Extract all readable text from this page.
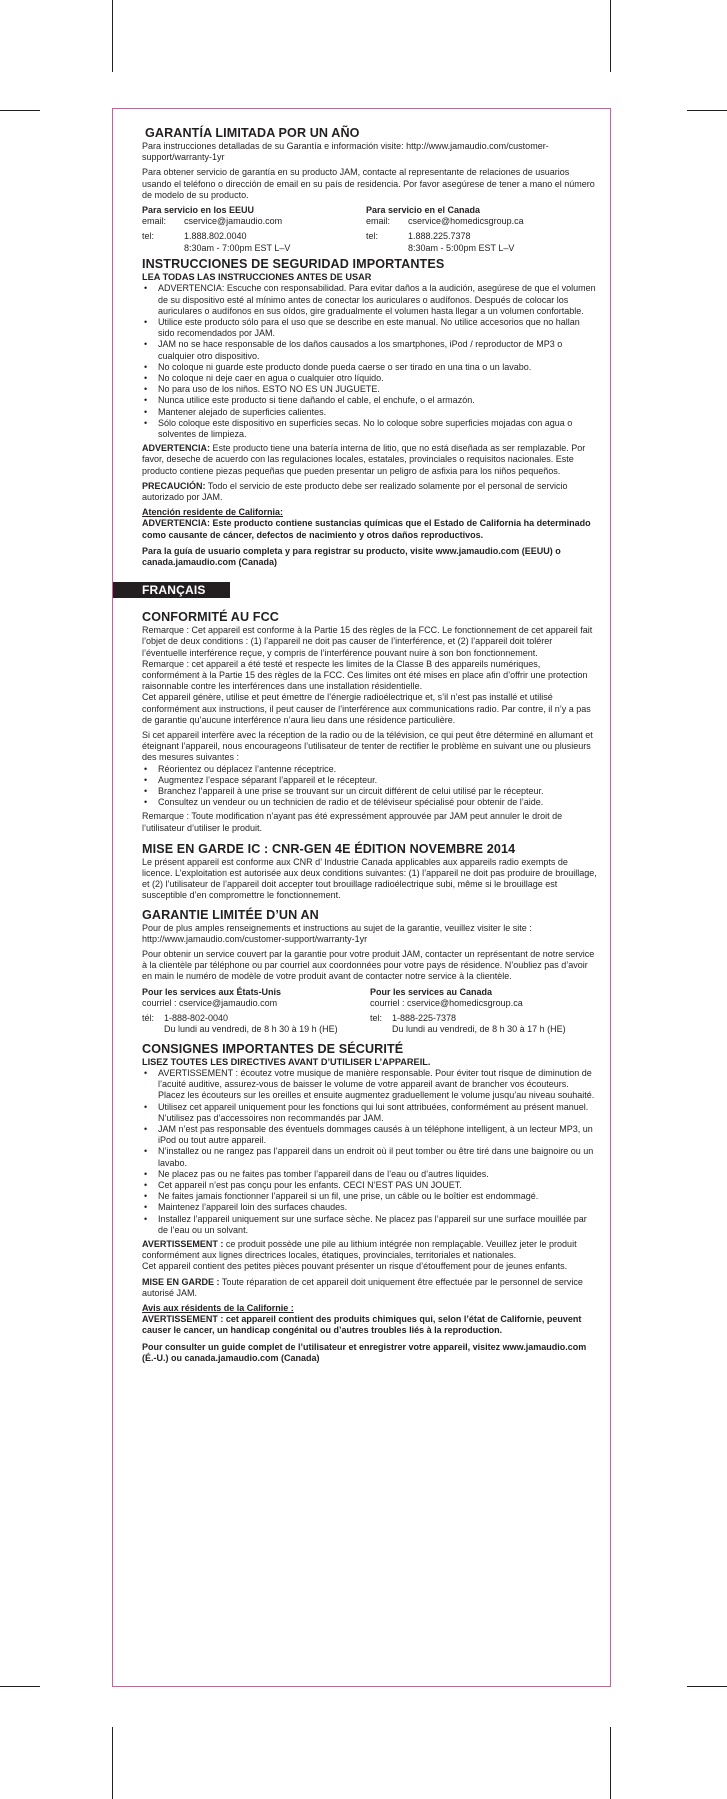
GARANTÍA LIMITADA POR UN AÑO

Para instrucciones detalladas de su Garantía e información visite: http://www.jamaudio.com/customer-support/warranty-1yr

Para obtener servicio de garantía en su producto JAM, contacte al representante de relaciones de usuarios usando el teléfono o dirección de email en su país de residencia. Por favor asegúrese de tener a mano el número de modelo de su producto.

Para servicio en los EEUU
email:	cservice@jamaudio.com
tel:	1.888.802.0040
8:30am - 7:00pm EST L–V
Para servicio en el Canada
email:	cservice@homedicsgroup.ca
tel:	1.888.225.7378
8:30am - 5:00pm EST L–V
INSTRUCCIONES DE SEGURIDAD IMPORTANTES
LEA TODAS LAS INSTRUCCIONES ANTES DE USAR
• ADVERTENCIA: Escuche con responsabilidad. Para evitar daños a la audición, asegúrese de que el volumen de su dispositivo esté al mínimo antes de conectar los auriculares o audífonos. Después de colocar los auriculares o audífonos en sus oídos, gire gradualmente el volumen hasta llegar a un volumen confortable.
• Utilice este producto sólo para el uso que se describe en este manual. No utilice accesorios que no hallan sido recomendados por JAM.
• JAM no se hace responsable de los daños causados a los smartphones, iPod / reproductor de MP3 o cualquier otro dispositivo.
• No coloque ni guarde este producto donde pueda caerse o ser tirado en una tina o un lavabo.
• No coloque ni deje caer en agua o cualquier otro líquido.
• No para uso de los niños. ESTO NO ES UN JUGUETE.
• Nunca utilice este producto si tiene dañando el cable, el enchufe, o el armazón.
• Mantener alejado de superficies calientes.
• Sólo coloque este dispositivo en superficies secas. No lo coloque sobre superficies mojadas con agua o solventes de limpieza.

ADVERTENCIA: Este producto tiene una batería interna de litio, que no está diseñada as ser remplazable. Por favor, deseche de acuerdo con las regulaciones locales, estatales, provinciales o requisitos nacionales. Este producto contiene piezas pequeñas que pueden presentar un peligro de asfixia para los niños pequeños.

PRECAUCIÓN: Todo el servicio de este producto debe ser realizado solamente por el personal de servicio autorizado por JAM.

Atención residente de California:

ADVERTENCIA: Este producto contiene sustancias químicas que el Estado de California ha determinado como causante de cáncer, defectos de nacimiento y otros daños reproductivos.

Para la guía de usuario completa y para registrar su producto, visite www.jamaudio.com (EEUU) o canada.jamaudio.com (Canada)

FRANÇAIS
CONFORMITÉ AU FCC
Remarque : Cet appareil est conforme à la Partie 15 des règles de la FCC. Le fonctionnement de cet appareil fait l’objet de deux conditions : (1) l’appareil ne doit pas causer de l’interférence, et (2) l’appareil doit tolérer l’éventuelle interférence reçue, y compris de l’interférence pouvant nuire à son bon fonctionnement.
Remarque : cet appareil a été testé et respecte les limites de la Classe B des appareils numériques, conformément à la Partie 15 des règles de la FCC. Ces limites ont été mises en place afin d’offrir une protection raisonnable contre les interférences dans une installation résidentielle.

Cet appareil génère, utilise et peut émettre de l’énergie radioélectrique et, s’il n’est pas installé et utilisé conformément aux instructions, il peut causer de l’interférence aux communications radio. Par contre, il n’y a pas de garantie qu’aucune interférence n’aura lieu dans une résidence particulière.

Si cet appareil interfère avec la réception de la radio ou de la télévision, ce qui peut être déterminé en allumant et éteignant l’appareil, nous encourageons l’utilisateur de tenter de rectifier le problème en suivant une ou plusieurs des mesures suivantes :
• Réorientez ou déplacez l’antenne réceptrice.
• Augmentez l’espace séparant l’appareil et le récepteur.
• Branchez l’appareil à une prise se trouvant sur un circuit différent de celui utilisé par le récepteur.
• Consultez un vendeur ou un technicien de radio et de téléviseur spécialisé pour obtenir de l’aide.

Remarque : Toute modification n’ayant pas été expressément approuvée par JAM peut annuler le droit de l’utilisateur d’utiliser le produit.

MISE EN GARDE IC : CNR-GEN 4E ÉDITION NOVEMBRE 2014

Le présent appareil est conforme aux CNR d’ Industrie Canada applicables aux appareils radio exempts de licence. L’exploitation est autorisée aux deux conditions suivantes: (1) l’appareil ne doit pas produire de brouillage, et (2) l’utilisateur de l’appareil doit accepter tout brouillage radioélectrique subi, même si le brouillage est susceptible d’en compromettre le fonctionnement.

GARANTIE LIMITÉE D’UN AN

Pour de plus amples renseignements et instructions au sujet de la garantie, veuillez visiter le site : http://www.jamaudio.com/customer-support/warranty-1yr

Pour obtenir un service couvert par la garantie pour votre produit JAM, contacter un représentant de notre service à la clientèle par téléphone ou par courriel aux coordonnées pour votre pays de résidence. N’oubliez pas d’avoir en main le numéro de modèle de votre produit avant de contacter notre service à la clientèle.

Pour les services aux États-Unis
courriel : cservice@jamaudio.com
tél:	1-888-802-0040
Du lundi au vendredi, de 8 h 30 à 19 h (HE)
Pour les services au Canada
courriel : cservice@homedicsgroup.ca
tel:	1-888-225-7378
Du lundi au vendredi, de 8 h 30 à 17 h (HE)
CONSIGNES IMPORTANTES DE SÉCURITÉ
LISEZ TOUTES LES DIRECTIVES AVANT D’UTILISER L’APPAREIL.
• AVERTISSEMENT : écoutez votre musique de manière responsable. Pour éviter tout risque de diminution de l’acuité auditive, assurez-vous de baisser le volume de votre appareil avant de brancher vos écouteurs. Placez les écouteurs sur les oreilles et ensuite augmentez graduellement le volume jusqu’au niveau souhaité.
• Utilisez cet appareil uniquement pour les fonctions qui lui sont attribuées, conformément au présent manuel. N’utilisez pas d’accessoires non recommandés par JAM.
• JAM n’est pas responsable des éventuels dommages causés à un téléphone intelligent, à un lecteur MP3, un iPod ou tout autre appareil.
• N’installez ou ne rangez pas l’appareil dans un endroit où il peut tomber ou être tiré dans une baignoire ou un lavabo.
• Ne placez pas ou ne faites pas tomber l’appareil dans de l’eau ou d’autres liquides.
• Cet appareil n’est pas conçu pour les enfants. CECI N’EST PAS UN JOUET.
• Ne faites jamais fonctionner l’appareil si un fil, une prise, un câble ou le boîtier est endommagé.
• Maintenez l’appareil loin des surfaces chaudes.
• Installez l’appareil uniquement sur une surface sèche. Ne placez pas l’appareil sur une surface mouillée par de l’eau ou un solvant.
AVERTISSEMENT : ce produit possède une pile au lithium intégrée non remplaçable. Veuillez jeter le produit conformément aux lignes directrices locales, étatiques, provinciales, territoriales et nationales.

Cet appareil contient des petites pièces pouvant présenter un risque d’étouffement pour de jeunes enfants.

MISE EN GARDE : Toute réparation de cet appareil doit uniquement être effectuée par le personnel de service autorisé JAM.

Avis aux résidents de la Californie :

AVERTISSEMENT : cet appareil contient des produits chimiques qui, selon l’état de Californie, peuvent causer le cancer, un handicap congénital ou d’autres troubles liés à la reproduction.

Pour consulter un guide complet de l’utilisateur et enregistrer votre appareil, visitez www.jamaudio.com (É.-U.) ou canada.jamaudio.com (Canada)
